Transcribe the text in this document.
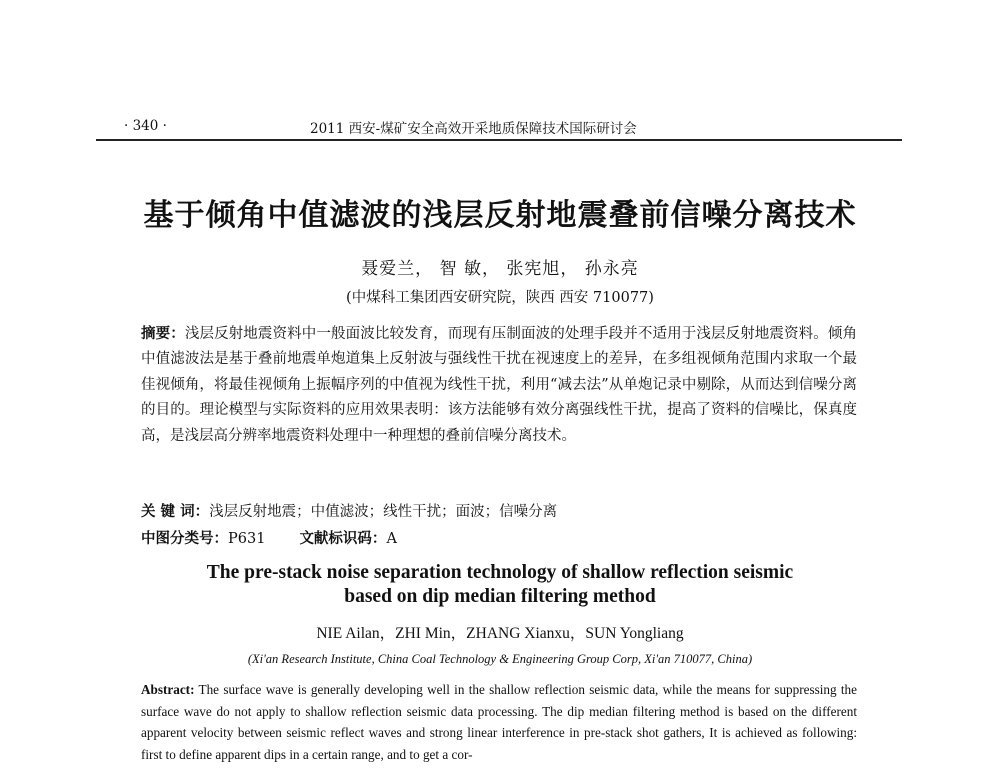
· 340 ·	2011 西安-煤矿安全高效开采地质保障技术国际研讨会
基于倾角中值滤波的浅层反射地震叠前信噪分离技术
聂爱兰， 智 敏， 张宪旭， 孙永亮
(中煤科工集团西安研究院，陕西 西安 710077)

摘要：浅层反射地震资料中一般面波比较发育，而现有压制面波的处理手段并不适用于浅层反射地震资料。倾角中值滤波法是基于叠前地震单炮道集上反射波与强线性干扰在视速度上的差异，在多组视倾角范围内求取一个最佳视倾角，将最佳视倾角上振幅序列的中值视为线性干扰，利用“减去法”从单炮记录中剔除，从而达到信噪分离的目的。理论模型与实际资料的应用效果表明：该方法能够有效分离强线性干扰，提高了资料的信噪比，保真度高，是浅层高分辨率地震资料处理中一种理想的叠前信噪分离技术。

关 键 词：浅层反射地震；中值滤波；线性干扰；面波；信噪分离
中图分类号：P631 文献标识码：A
The pre-stack noise separation technology of shallow reflection seismic
based on dip median filtering method
NIE Ailan，ZHI Min，ZHANG Xianxu，SUN Yongliang
(Xi'an Research Institute, China Coal Technology & Engineering Group Corp, Xi'an 710077, China)

Abstract: The surface wave is generally developing well in the shallow reflection seismic data, while the means for suppressing the surface wave do not apply to shallow reflection seismic data processing. The dip median filtering method is based on the different apparent velocity between seismic reflect waves and strong linear interference in pre-stack shot gathers, It is achieved as following: first to define apparent dips in a certain range, and to get a cor-
